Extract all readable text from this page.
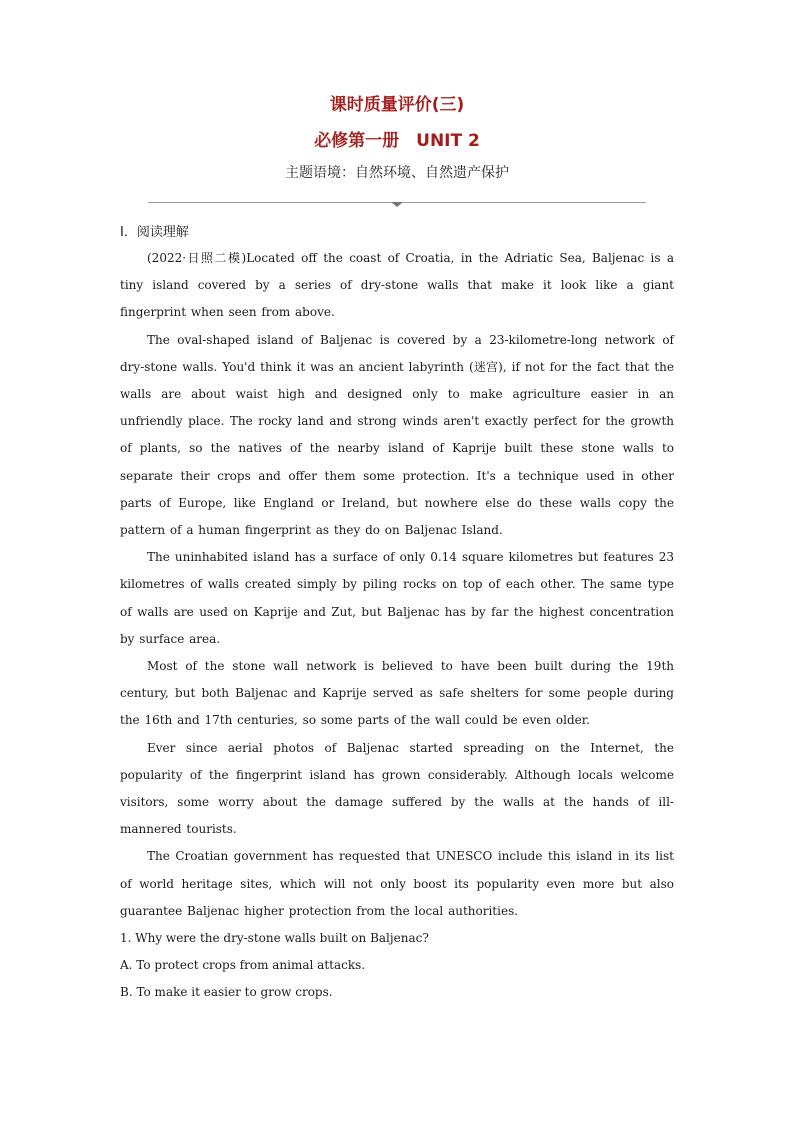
课时质量评价(三)

必修第一册　UNIT 2

主题语境：自然环境、自然遗产保护

Ⅰ．阅读理解

(2022·日照二模)Located off the coast of Croatia, in the Adriatic Sea, Baljenac is a tiny island covered by a series of dry-stone walls that make it look like a giant fingerprint when seen from above.

The oval-shaped island of Baljenac is covered by a 23-kilometre-long network of dry-stone walls. You'd think it was an ancient labyrinth (迷宫), if not for the fact that the walls are about waist high and designed only to make agriculture easier in an unfriendly place. The rocky land and strong winds aren't exactly perfect for the growth of plants, so the natives of the nearby island of Kaprije built these stone walls to separate their crops and offer them some protection. It's a technique used in other parts of Europe, like England or Ireland, but nowhere else do these walls copy the pattern of a human fingerprint as they do on Baljenac Island.

The uninhabited island has a surface of only 0.14 square kilometres but features 23 kilometres of walls created simply by piling rocks on top of each other. The same type of walls are used on Kaprije and Zut, but Baljenac has by far the highest concentration by surface area.

Most of the stone wall network is believed to have been built during the 19th century, but both Baljenac and Kaprije served as safe shelters for some people during the 16th and 17th centuries, so some parts of the wall could be even older.

Ever since aerial photos of Baljenac started spreading on the Internet, the popularity of the fingerprint island has grown considerably. Although locals welcome visitors, some worry about the damage suffered by the walls at the hands of ill-mannered tourists.

The Croatian government has requested that UNESCO include this island in its list of world heritage sites, which will not only boost its popularity even more but also guarantee Baljenac higher protection from the local authorities.

1. Why were the dry-stone walls built on Baljenac?

A. To protect crops from animal attacks.

B. To make it easier to grow crops.
